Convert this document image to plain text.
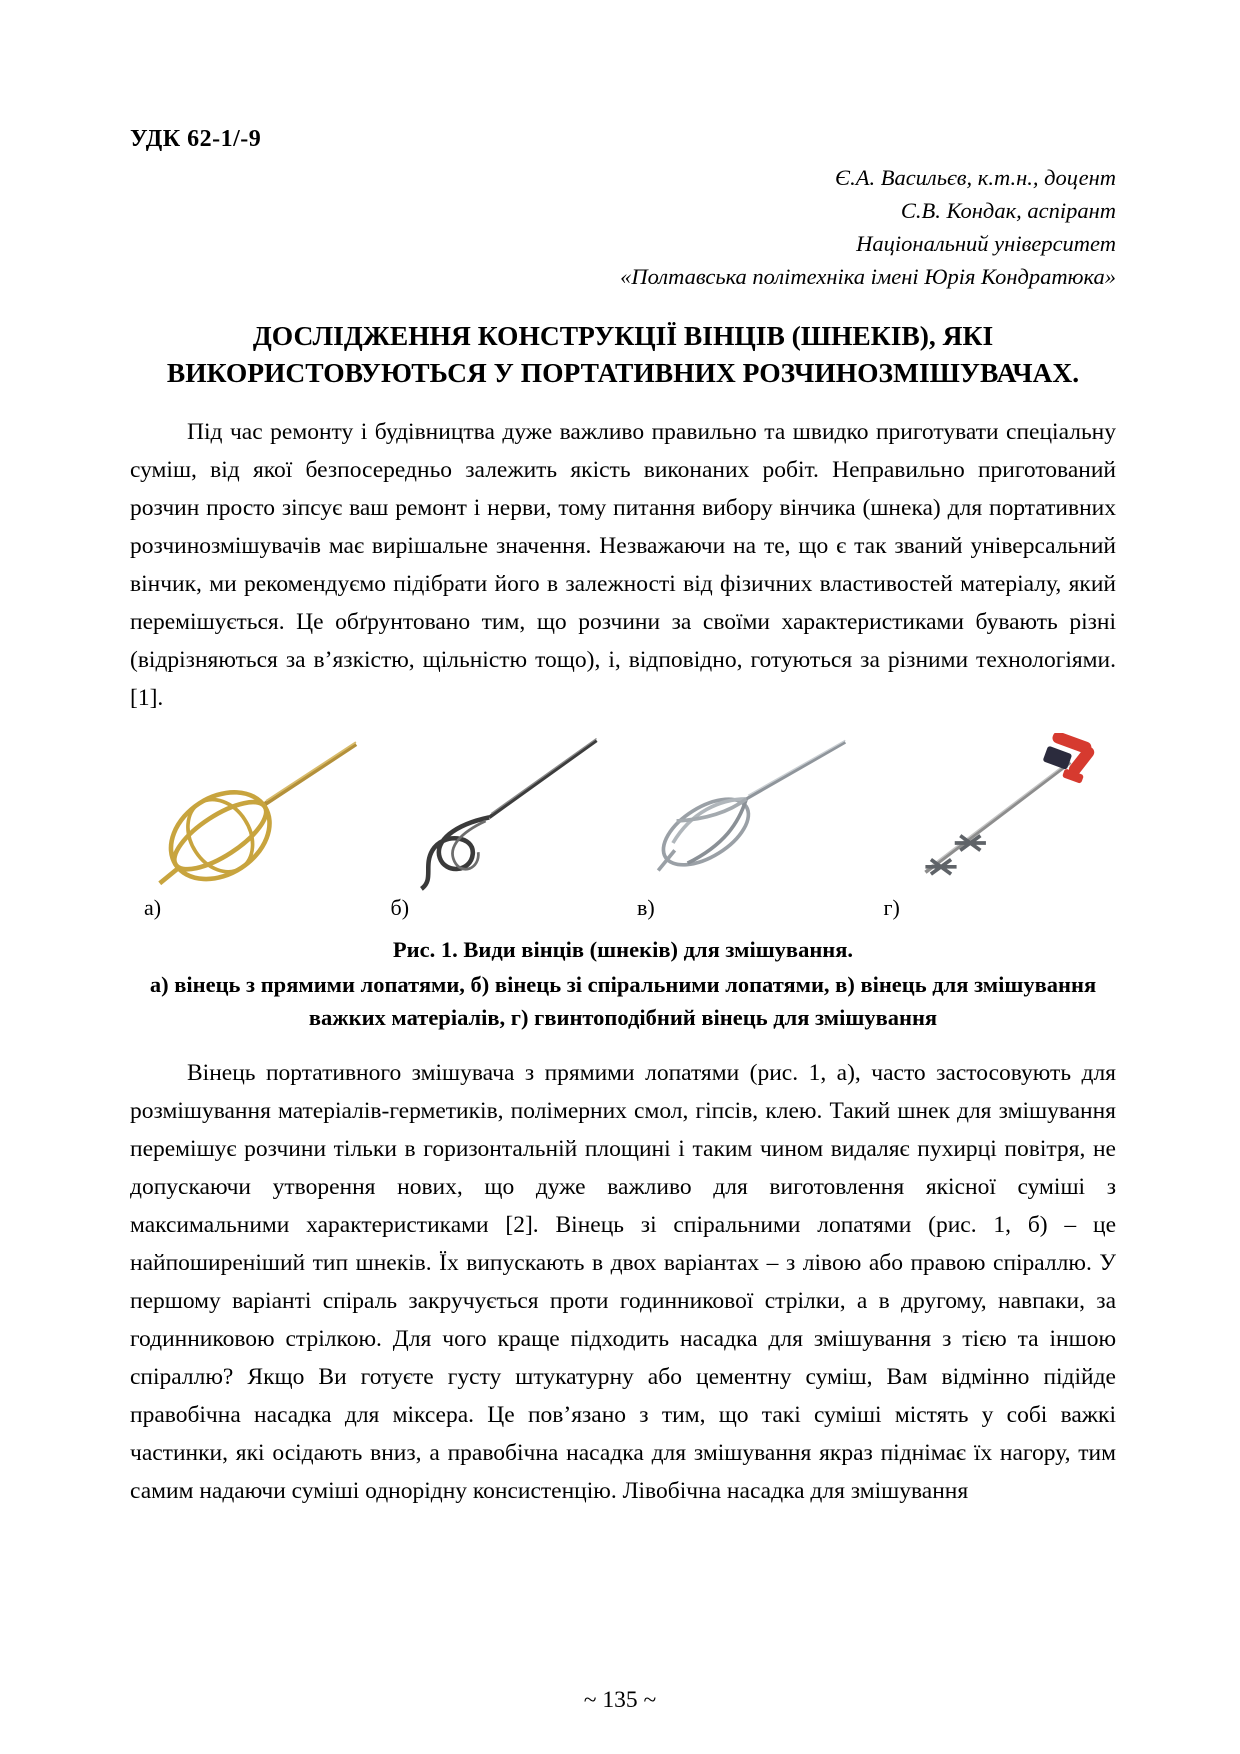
УДК 62-1/-9
Є.А. Васильєв, к.т.н., доцент
С.В. Кондак, аспірант
Національний університет
«Полтавська політехніка імені Юрія Кондратюка»
ДОСЛІДЖЕННЯ КОНСТРУКЦІЇ ВІНЦІВ (ШНЕКІВ), ЯКІ ВИКОРИСТОВУЮТЬСЯ У ПОРТАТИВНИХ РОЗЧИНОЗМІШУВАЧАХ.

Під час ремонту і будівництва дуже важливо правильно та швидко приготувати спеціальну суміш, від якої безпосередньо залежить якість виконаних робіт. Неправильно приготований розчин просто зіпсує ваш ремонт і нерви, тому питання вибору вінчика (шнека) для портативних розчинозмішувачів має вирішальне значення. Незважаючи на те, що є так званий універсальний вінчик, ми рекомендуємо підібрати його в залежності від фізичних властивостей матеріалу, який перемішується. Це обґрунтовано тим, що розчини за своїми характеристиками бувають різні (відрізняються за в’язкістю, щільністю тощо), і, відповідно, готуються за різними технологіями. [1].

а)	б)	в)	г)
Рис. 1. Види вінців (шнеків) для змішування.
а) вінець з прямими лопатями, б) вінець зі спіральними лопатями, в) вінець для змішування важких матеріалів, г) гвинтоподібний вінець для змішування

Вінець портативного змішувача з прямими лопатями (рис. 1, а), часто застосовують для розмішування матеріалів-герметиків, полімерних смол, гіпсів, клею. Такий шнек для змішування перемішує розчини тільки в горизонтальній площині і таким чином видаляє пухирці повітря, не допускаючи утворення нових, що дуже важливо для виготовлення якісної суміші з максимальними характеристиками [2]. Вінець зі спіральними лопатями (рис. 1, б) – це найпоширеніший тип шнеків. Їх випускають в двох варіантах – з лівою або правою спіраллю. У першому варіанті спіраль закручується проти годинникової стрілки, а в другому, навпаки, за годинниковою стрілкою. Для чого краще підходить насадка для змішування з тією та іншою спіраллю? Якщо Ви готуєте густу штукатурну або цементну суміш, Вам відмінно підійде правобічна насадка для міксера. Це пов’язано з тим, що такі суміші містять у собі важкі частинки, які осідають вниз, а правобічна насадка для змішування якраз піднімає їх нагору, тим самим надаючи суміші однорідну консистенцію. Лівобічна насадка для змішування

~ 135 ~
